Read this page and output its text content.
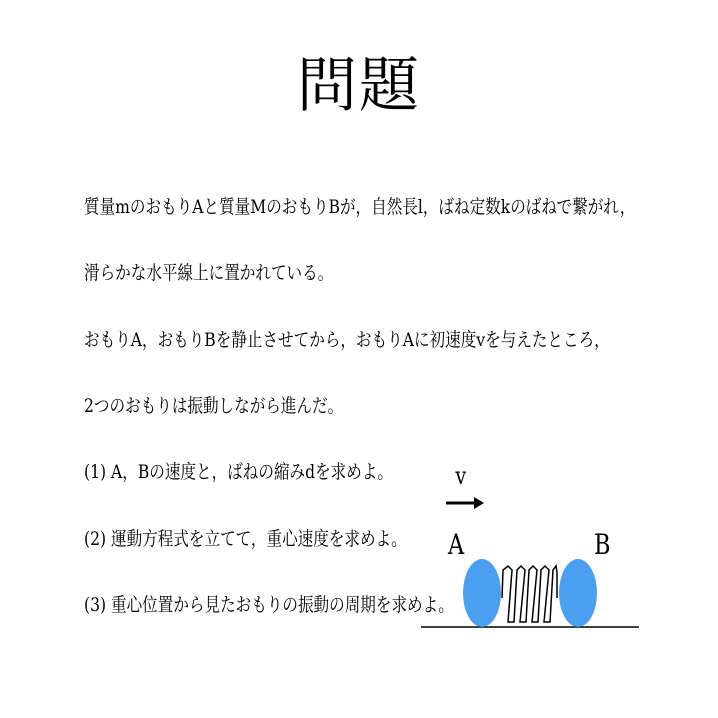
問題
質量mのおもりAと質量MのおもりBが，自然長l，ばね定数kのばねで繋がれ，
滑らかな水平線上に置かれている。
おもりA，おもりBを静止させてから，おもりAに初速度vを与えたところ，
2つのおもりは振動しながら進んだ。
(1) A，Bの速度と，ばねの縮みdを求めよ。
(2) 運動方程式を立てて，重心速度を求めよ。
(3) 重心位置から見たおもりの振動の周期を求めよ。
v
A	B
